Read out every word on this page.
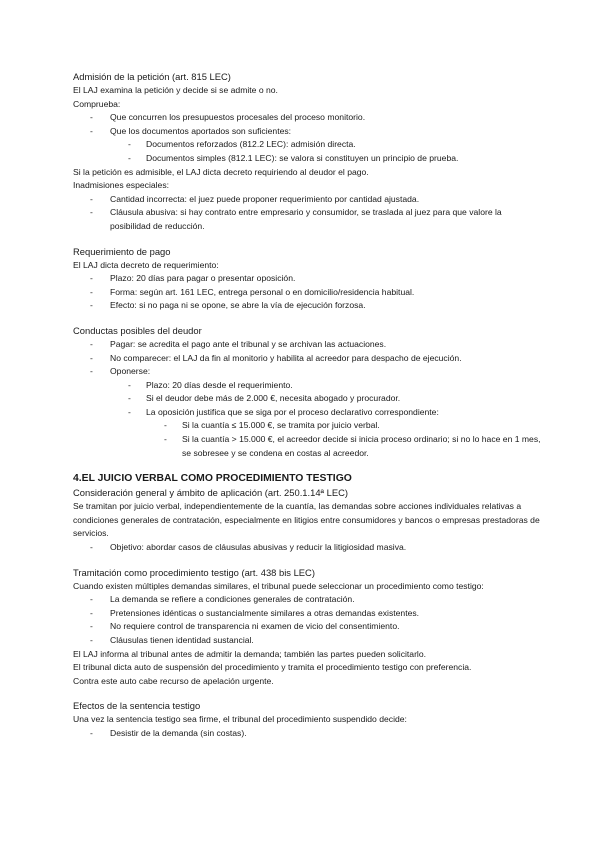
Admisión de la petición (art. 815 LEC)

El LAJ examina la petición y decide si se admite o no.

Comprueba:

- Que concurren los presupuestos procesales del proceso monitorio.

- Que los documentos aportados son suficientes:

- Documentos reforzados (812.2 LEC): admisión directa.

- Documentos simples (812.1 LEC): se valora si constituyen un principio de prueba.

Si la petición es admisible, el LAJ dicta decreto requiriendo al deudor el pago.

Inadmisiones especiales:

- Cantidad incorrecta: el juez puede proponer requerimiento por cantidad ajustada.

- Cláusula abusiva: si hay contrato entre empresario y consumidor, se traslada al juez para que valore la posibilidad de reducción.

Requerimiento de pago

El LAJ dicta decreto de requerimiento:

- Plazo: 20 días para pagar o presentar oposición.

- Forma: según art. 161 LEC, entrega personal o en domicilio/residencia habitual.

- Efecto: si no paga ni se opone, se abre la vía de ejecución forzosa.

Conductas posibles del deudor

- Pagar: se acredita el pago ante el tribunal y se archivan las actuaciones.

- No comparecer: el LAJ da fin al monitorio y habilita al acreedor para despacho de ejecución.

- Oponerse:

- Plazo: 20 días desde el requerimiento.

- Si el deudor debe más de 2.000 €, necesita abogado y procurador.

- La oposición justifica que se siga por el proceso declarativo correspondiente:

- Si la cuantía ≤ 15.000 €, se tramita por juicio verbal.

- Si la cuantía > 15.000 €, el acreedor decide si inicia proceso ordinario; si no lo hace en 1 mes, se sobresee y se condena en costas al acreedor.

4.EL JUICIO VERBAL COMO PROCEDIMIENTO TESTIGO

Consideración general y ámbito de aplicación (art. 250.1.14ª LEC)

Se tramitan por juicio verbal, independientemente de la cuantía, las demandas sobre acciones individuales relativas a condiciones generales de contratación, especialmente en litigios entre consumidores y bancos o empresas prestadoras de servicios.

- Objetivo: abordar casos de cláusulas abusivas y reducir la litigiosidad masiva.

Tramitación como procedimiento testigo (art. 438 bis LEC)

Cuando existen múltiples demandas similares, el tribunal puede seleccionar un procedimiento como testigo:

- La demanda se refiere a condiciones generales de contratación.

- Pretensiones idénticas o sustancialmente similares a otras demandas existentes.

- No requiere control de transparencia ni examen de vicio del consentimiento.

- Cláusulas tienen identidad sustancial.

El LAJ informa al tribunal antes de admitir la demanda; también las partes pueden solicitarlo.

El tribunal dicta auto de suspensión del procedimiento y tramita el procedimiento testigo con preferencia.

Contra este auto cabe recurso de apelación urgente.

Efectos de la sentencia testigo

Una vez la sentencia testigo sea firme, el tribunal del procedimiento suspendido decide:

- Desistir de la demanda (sin costas).
